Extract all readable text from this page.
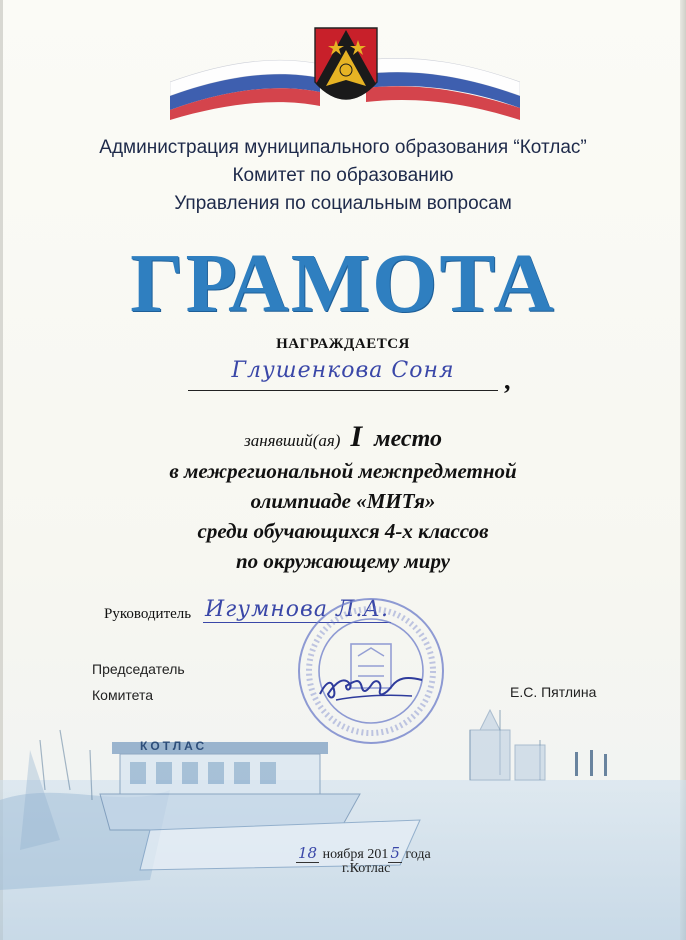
Администрация муниципального образования “Котлас”
Комитет по образованию
Управления по социальным вопросам
ГРАМОТА
НАГРАЖДАЕТСЯ
Глушенкова Соня	,
занявший(ая) I место
в межрегиональной межпредметной
олимпиаде «МИТя»
среди обучающихся 4-х классов
по окружающему миру
Руководитель Игумнова Л.А.
КОТЛАС
Председатель
Комитета	Е.С. Пятлина
18 ноября 201 5 года
г.Котлас
